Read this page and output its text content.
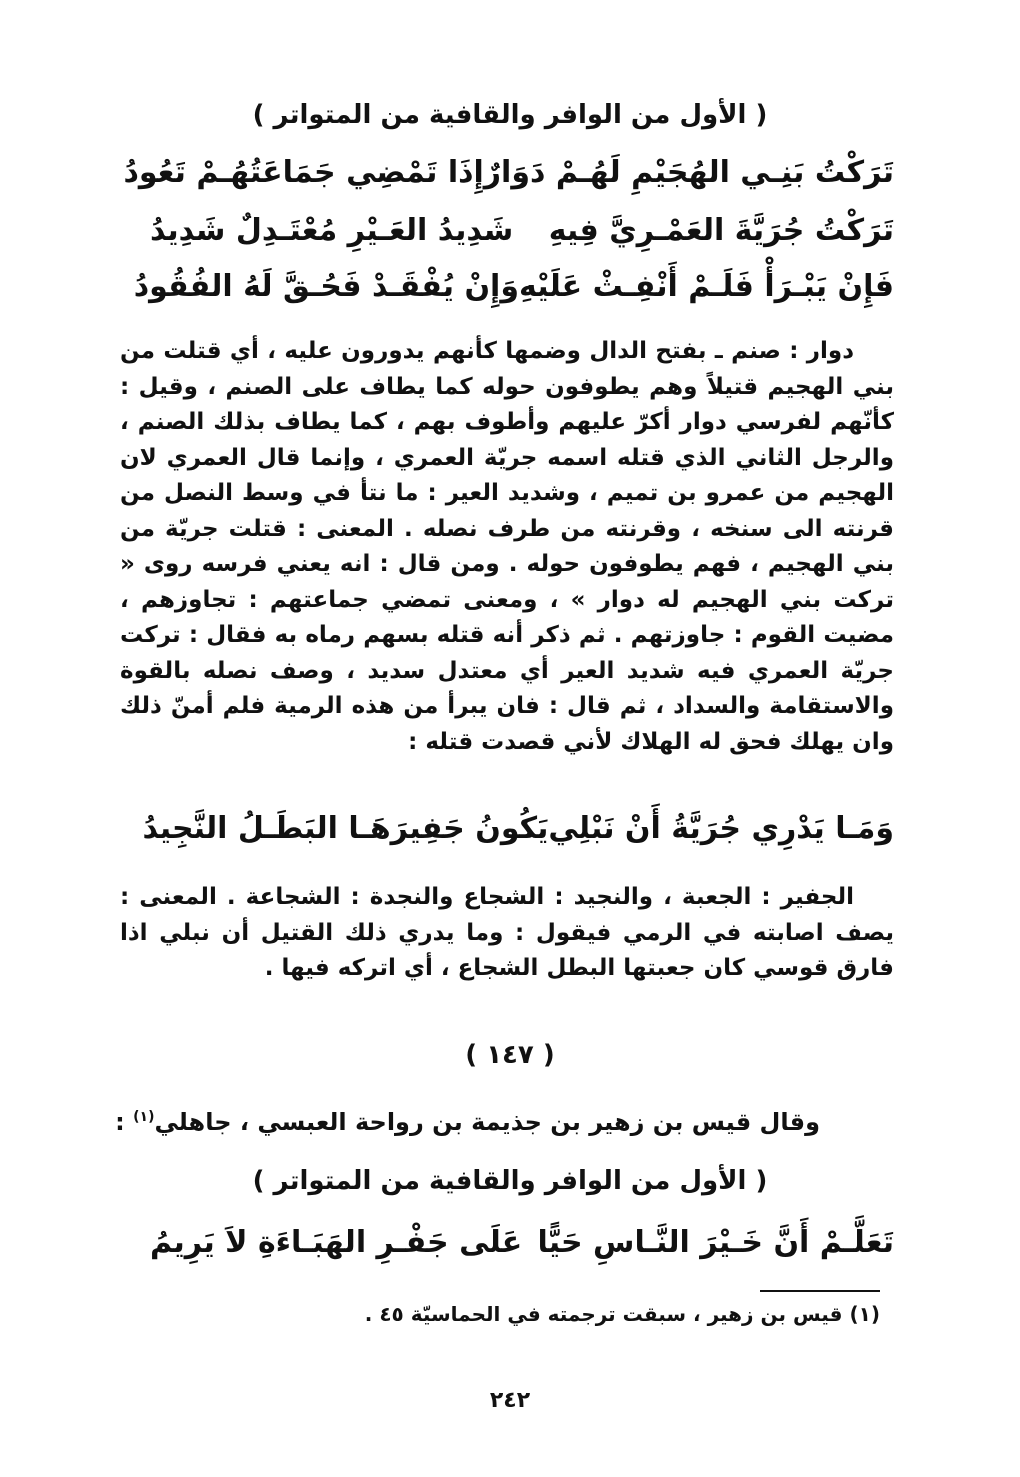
( الأول من الوافر والقافية من المتواتر )
تَرَكْتُ بَنِـي الهُجَيْمِ لَهُـمْ دَوَارٌ
إِذَا تَمْضِي جَمَاعَتُهُـمْ تَعُودُ
تَرَكْتُ جُرَيَّةَ العَمْـرِيَّ فِيهِ
شَدِيدُ العَـيْرِ مُعْتَـدِلٌ شَدِيدُ
فَإِنْ يَبْـرَأْ فَلَـمْ أَنْفِـثْ عَلَيْهِ
وَإِنْ يُفْقَـدْ فَحُـقَّ لَهُ الفُقُودُ

دوار : صنم ـ بفتح الدال وضمها كأنهم يدورون عليه ، أي قتلت من بني الهجيم قتيلاً وهم يطوفون حوله كما يطاف على الصنم ، وقيل : كأنّهم لفرسي دوار أكرّ عليهم وأطوف بهم ، كما يطاف بذلك الصنم ، والرجل الثاني الذي قتله اسمه جريّة العمري ، وإنما قال العمري لان الهجيم من عمرو بن تميم ، وشديد العير : ما نتأ في وسط النصل من قرنته الى سنخه ، وقرنته من طرف نصله . المعنى : قتلت جريّة من بني الهجيم ، فهم يطوفون حوله . ومن قال : انه يعني فرسه روى « تركت بني الهجيم له دوار » ، ومعنى تمضي جماعتهم : تجاوزهم ، مضيت القوم : جاوزتهم . ثم ذكر أنه قتله بسهم رماه به فقال : تركت جريّة العمري فيه شديد العير أي معتدل سديد ، وصف نصله بالقوة والاستقامة والسداد ، ثم قال : فان يبرأ من هذه الرمية فلم أمنّ ذلك وان يهلك فحق له الهلاك لأني قصدت قتله :

وَمَـا يَدْرِي جُرَيَّةُ أَنْ نَبْلِي
يَكُونُ جَفِيرَهَـا البَطَـلُ النَّجِيدُ

الجفير : الجعبة ، والنجيد : الشجاع والنجدة : الشجاعة . المعنى : يصف اصابته في الرمي فيقول : وما يدري ذلك القتيل أن نبلي اذا فارق قوسي كان جعبتها البطل الشجاع ، أي اتركه فيها .

( ١٤٧ )
وقال قيس بن زهير بن جذيمة بن رواحة العبسي ، جاهلي$^{(١)}$ :
( الأول من الوافر والقافية من المتواتر )
تَعَلَّـمْ أَنَّ خَـيْرَ النَّـاسِ حَيًّا
عَلَى جَفْـرِ الهَبَـاءَةِ لاَ يَرِيمُ
(١) قيس بن زهير ، سبقت ترجمته في الحماسيّة ٤٥ .
٢٤٢
